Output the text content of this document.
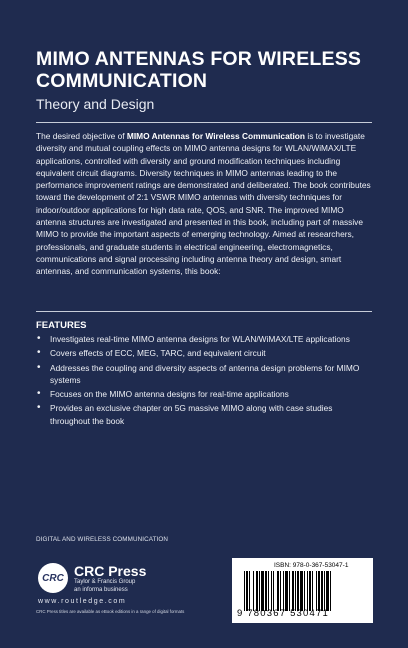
MIMO ANTENNAS FOR WIRELESS COMMUNICATION
Theory and Design
The desired objective of MIMO Antennas for Wireless Communication is to investigate diversity and mutual coupling effects on MIMO antenna designs for WLAN/WiMAX/LTE applications, controlled with diversity and ground modification techniques including equivalent circuit diagrams. Diversity techniques in MIMO antennas leading to the performance improvement ratings are demonstrated and deliberated. The book contributes toward the development of 2:1 VSWR MIMO antennas with diversity techniques for indoor/outdoor applications for high data rate, QOS, and SNR. The improved MIMO antenna structures are investigated and presented in this book, including part of massive MIMO to provide the important aspects of emerging technology. Aimed at researchers, professionals, and graduate students in electrical engineering, electromagnetics, communications and signal processing including antenna theory and design, smart antennas, and communication systems, this book:
FEATURES
• Investigates real-time MIMO antenna designs for WLAN/WiMAX/LTE applications
• Covers effects of ECC, MEG, TARC, and equivalent circuit
• Addresses the coupling and diversity aspects of antenna design problems for MIMO systems
• Focuses on the MIMO antenna designs for real-time applications
• Provides an exclusive chapter on 5G massive MIMO along with case studies throughout the book
DIGITAL AND WIRELESS COMMUNICATION
CRC CRC Press
Taylor & Francis Group
an informa business
www.routledge.com
CRC Press titles are available as eBook editions in a range of digital formats
ISBN: 978-0-367-53047-1
9 780367 530471
